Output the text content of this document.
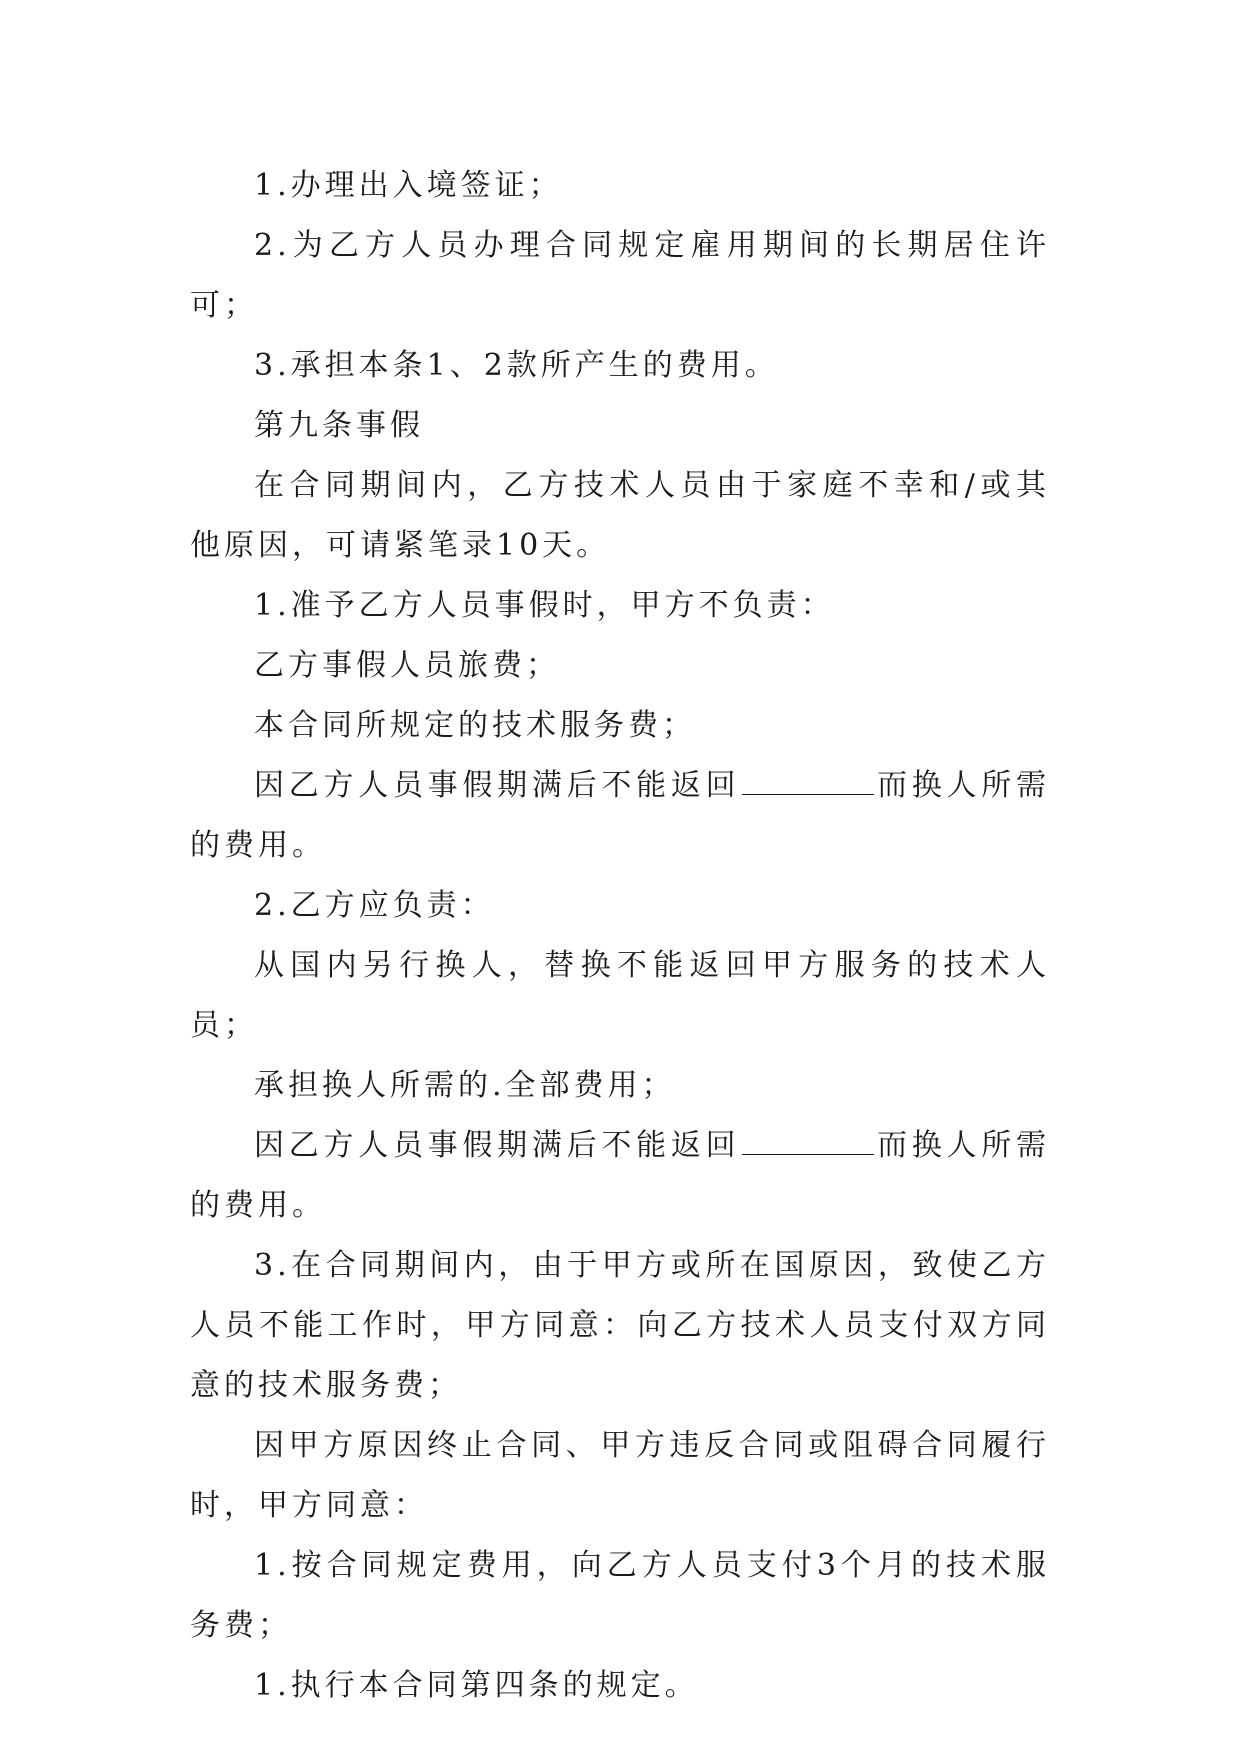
1.办理出入境签证；

2.为乙方人员办理合同规定雇用期间的长期居住许可；

3.承担本条1、2款所产生的费用。

第九条事假

在合同期间内，乙方技术人员由于家庭不幸和/或其他原因，可请紧笔录10天。

1.准予乙方人员事假时，甲方不负责：

乙方事假人员旅费；

本合同所规定的技术服务费；

因乙方人员事假期满后不能返回	而换人所需的费用。

2.乙方应负责：

从国内另行换人，替换不能返回甲方服务的技术人员；

承担换人所需的.全部费用；

因乙方人员事假期满后不能返回	而换人所需的费用。

3.在合同期间内，由于甲方或所在国原因，致使乙方人员不能工作时，甲方同意：向乙方技术人员支付双方同意的技术服务费；

因甲方原因终止合同、甲方违反合同或阻碍合同履行时，甲方同意：

1.按合同规定费用，向乙方人员支付3个月的技术服务费；

1.执行本合同第四条的规定。
